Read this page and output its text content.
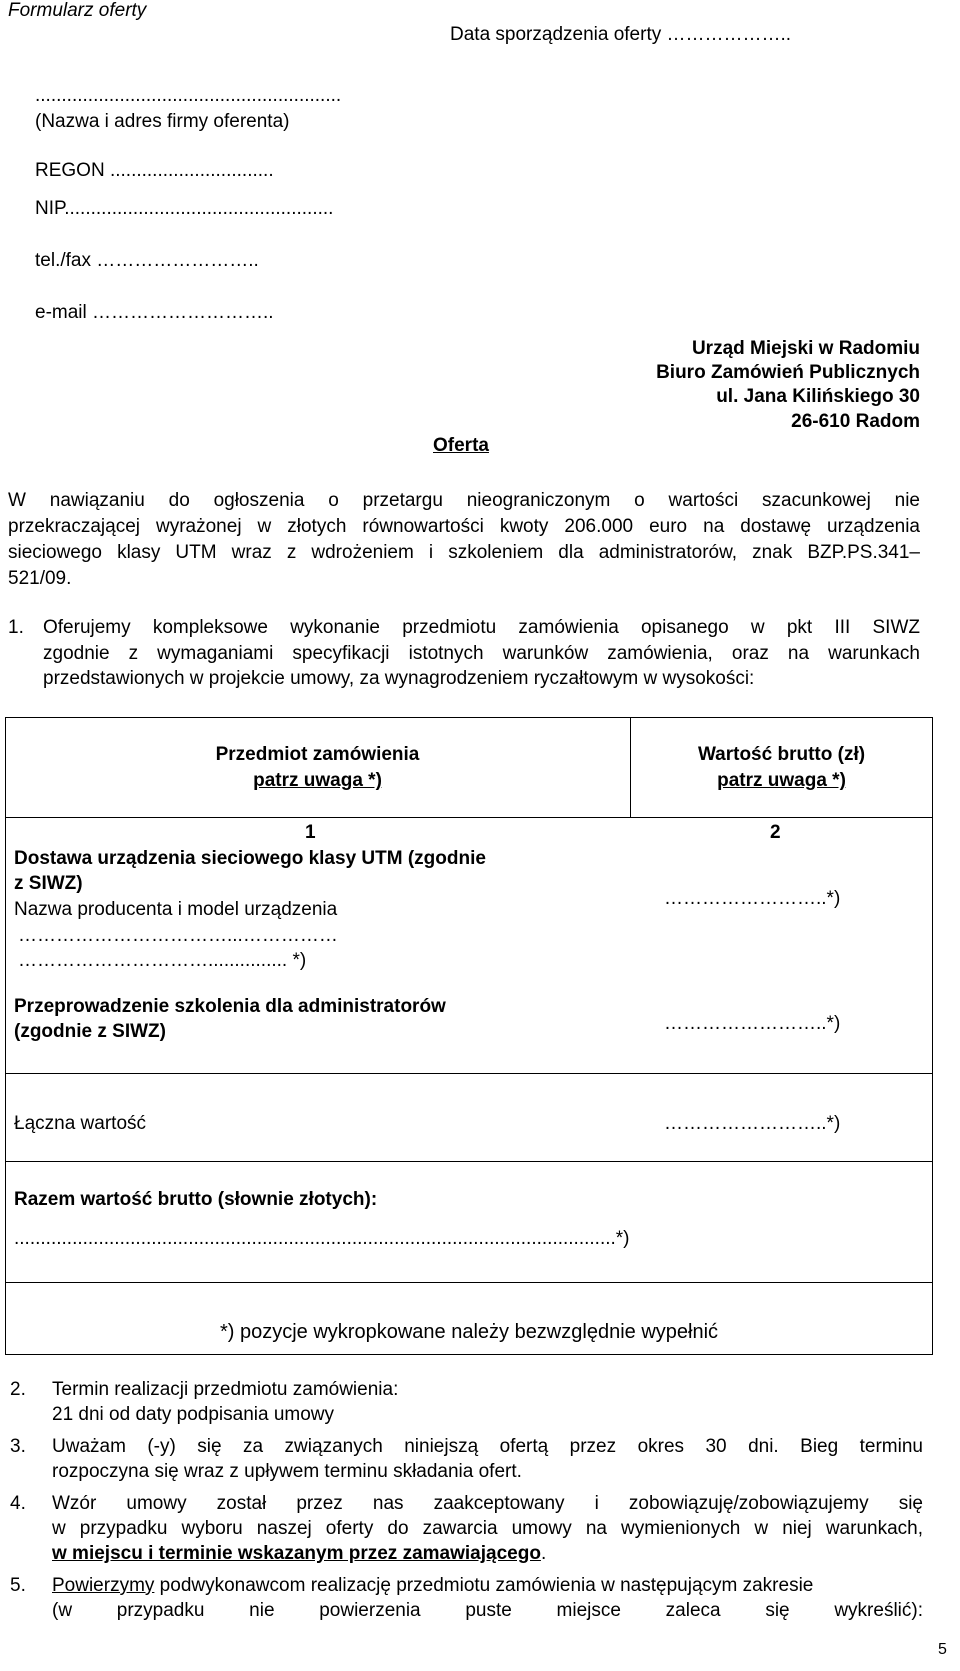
Formularz oferty
Data sporządzenia oferty ………………..
..........................................................
(Nazwa i adres firmy oferenta)
REGON ...............................
NIP...................................................
tel./fax ……………………..
e-mail ………………………..
Urząd Miejski w Radomiu
Biuro Zamówień Publicznych
ul. Jana Kilińskiego 30
26-610 Radom
Oferta
W nawiązaniu do ogłoszenia o przetargu nieograniczonym o wartości szacunkowej nie
przekraczającej wyrażonej w złotych równowartości kwoty 206.000 euro na dostawę urządzenia
sieciowego klasy UTM wraz z wdrożeniem i szkoleniem dla administratorów, znak BZP.PS.341–
521/09.
1. Oferujemy kompleksowe wykonanie przedmiotu zamówienia opisanego w pkt III SIWZ
zgodnie z wymaganiami specyfikacji istotnych warunków zamówienia, oraz na warunkach
przedstawionych w projekcie umowy, za wynagrodzeniem ryczałtowym w wysokości:
Przedmiot zamówienia
patrz uwaga *)
Wartość brutto (zł)
patrz uwaga *)
1	2
Dostawa urządzenia sieciowego klasy UTM (zgodnie
z SIWZ)
Nazwa producenta i model urządzenia
……………………………...……………
…………………………............... *)
……………………..*)
Przeprowadzenie szkolenia dla administratorów
(zgodnie z SIWZ)	……………………..*)
Łączna wartość	……………………..*)
Razem wartość brutto (słownie złotych):
..................................................................................................................*)
*) pozycje wykropkowane należy bezwzględnie wypełnić
2. Termin realizacji przedmiotu zamówienia:
21 dni od daty podpisania umowy
3. Uważam (-y) się za związanych niniejszą ofertą przez okres 30 dni. Bieg terminu
rozpoczyna się wraz z upływem terminu składania ofert.
4. Wzór umowy został przez nas zaakceptowany i zobowiązuję/zobowiązujemy się
w przypadku wyboru naszej oferty do zawarcia umowy na wymienionych w niej warunkach,
w miejscu i terminie wskazanym przez zamawiającego.
5. Powierzymy podwykonawcom realizację przedmiotu zamówienia w następującym zakresie
(w przypadku nie powierzenia puste miejsce zaleca się wykreślić):
5
